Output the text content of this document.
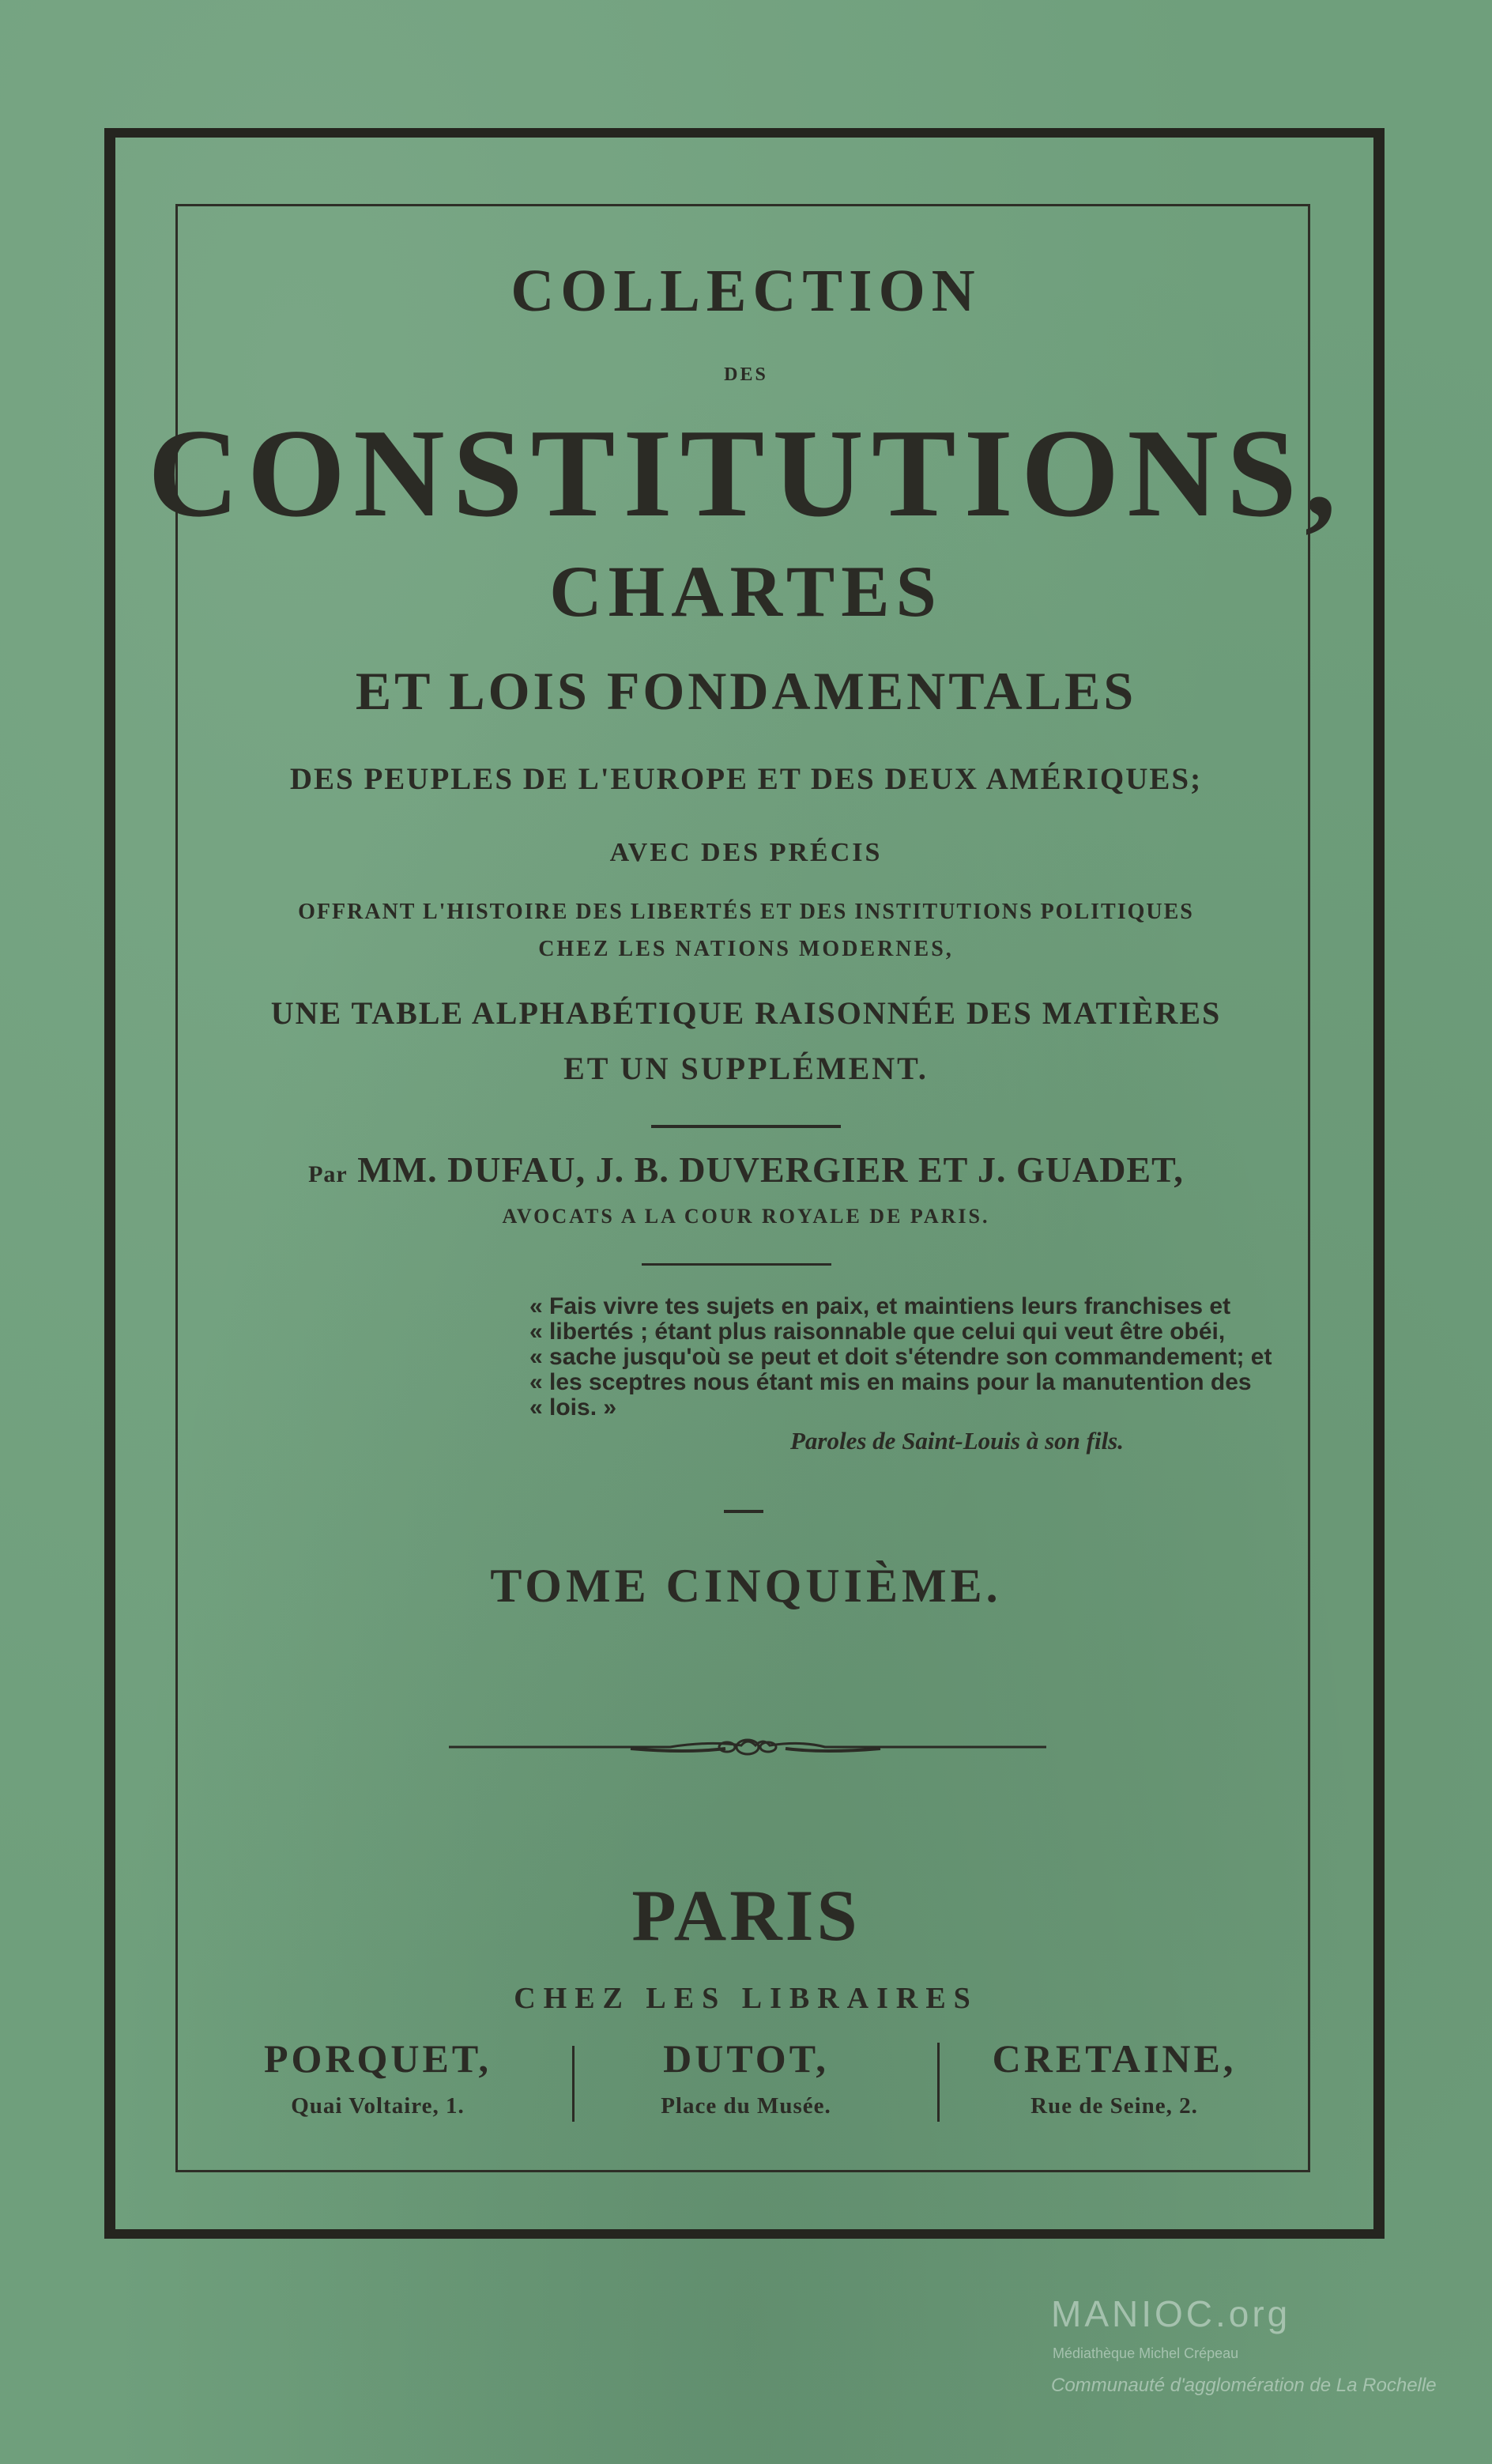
COLLECTION
DES
CONSTITUTIONS,
CHARTES
ET LOIS FONDAMENTALES
DES PEUPLES DE L'EUROPE ET DES DEUX AMÉRIQUES;
AVEC DES PRÉCIS
OFFRANT L'HISTOIRE DES LIBERTÉS ET DES INSTITUTIONS POLITIQUES
CHEZ LES NATIONS MODERNES,
UNE TABLE ALPHABÉTIQUE RAISONNÉE DES MATIÈRES
ET UN SUPPLÉMENT.
Par MM. DUFAU, J. B. DUVERGIER ET J. GUADET,
AVOCATS A LA COUR ROYALE DE PARIS.
« Fais vivre tes sujets en paix, et maintiens leurs franchises et
« libertés ; étant plus raisonnable que celui qui veut être obéi,
« sache jusqu'où se peut et doit s'étendre son commandement; et
« les sceptres nous étant mis en mains pour la manutention des
« lois. »
Paroles de Saint-Louis à son fils.
TOME CINQUIÈME.
PARIS
CHEZ LES LIBRAIRES
PORQUET,
Quai Voltaire, 1.
DUTOT,
Place du Musée.
CRETAINE,
Rue de Seine, 2.
MANIOC.org
Médiathèque Michel Crépeau
Communauté d'agglomération de La Rochelle
